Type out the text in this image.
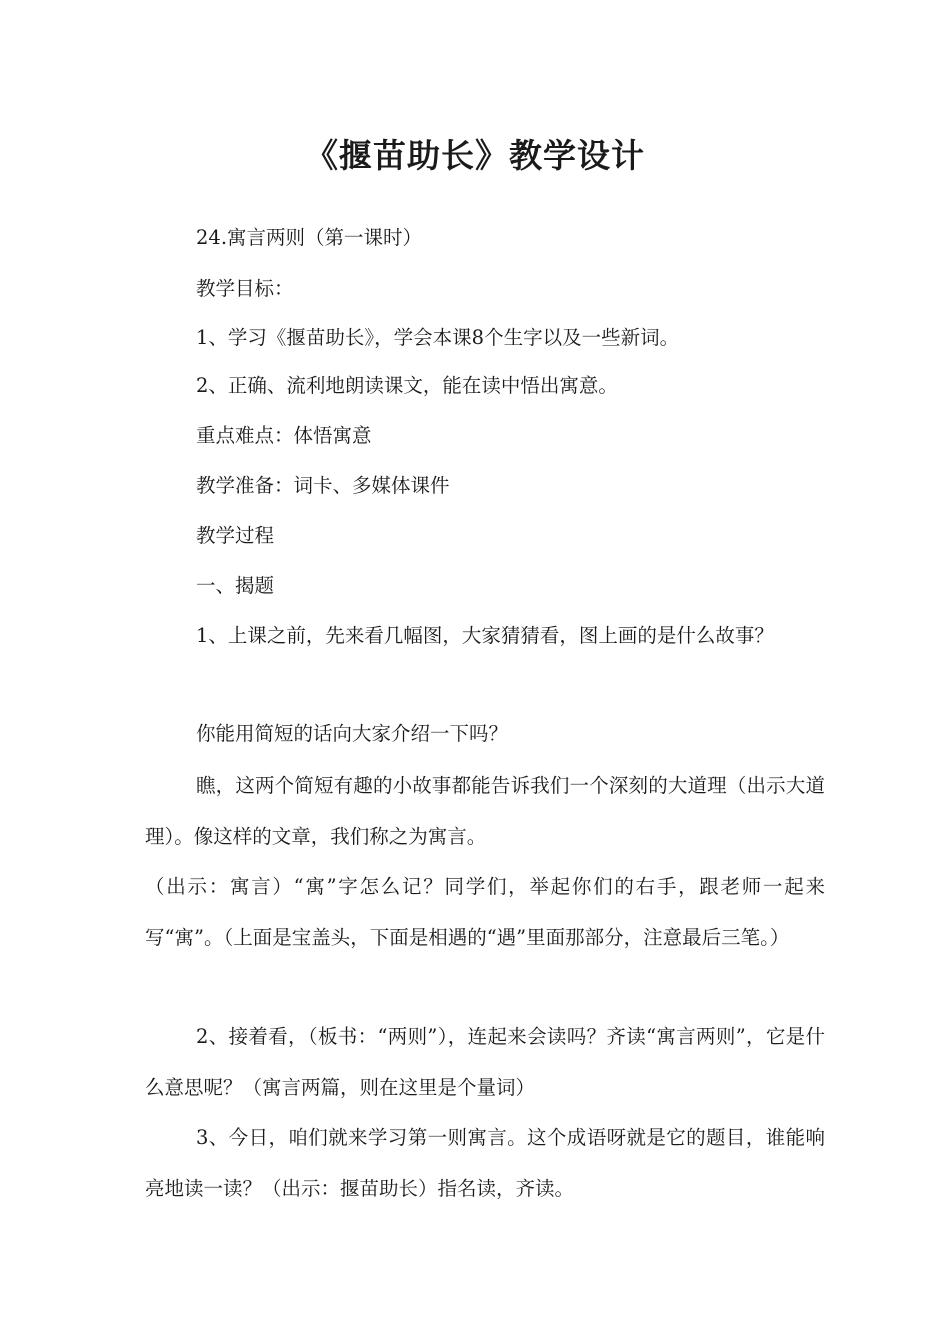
《揠苗助长》教学设计

24.寓言两则（第一课时）

教学目标：

1、学习《揠苗助长》，学会本课8个生字以及一些新词。

2、正确、流利地朗读课文，能在读中悟出寓意。

重点难点：体悟寓意

教学准备：词卡、多媒体课件

教学过程

一、揭题

1、上课之前，先来看几幅图，大家猜猜看，图上画的是什么故事？

你能用简短的话向大家介绍一下吗？

瞧，这两个简短有趣的小故事都能告诉我们一个深刻的大道理（出示大道理）。像这样的文章，我们称之为寓言。

（出示：寓言）“寓”字怎么记？同学们，举起你们的右手，跟老师一起来写“寓”。（上面是宝盖头，下面是相遇的“遇”里面那部分，注意最后三笔。）

2、接着看，（板书：“两则”），连起来会读吗？齐读“寓言两则”，它是什么意思呢？（寓言两篇，则在这里是个量词）

3、今日，咱们就来学习第一则寓言。这个成语呀就是它的题目，谁能响亮地读一读？（出示：揠苗助长）指名读，齐读。
